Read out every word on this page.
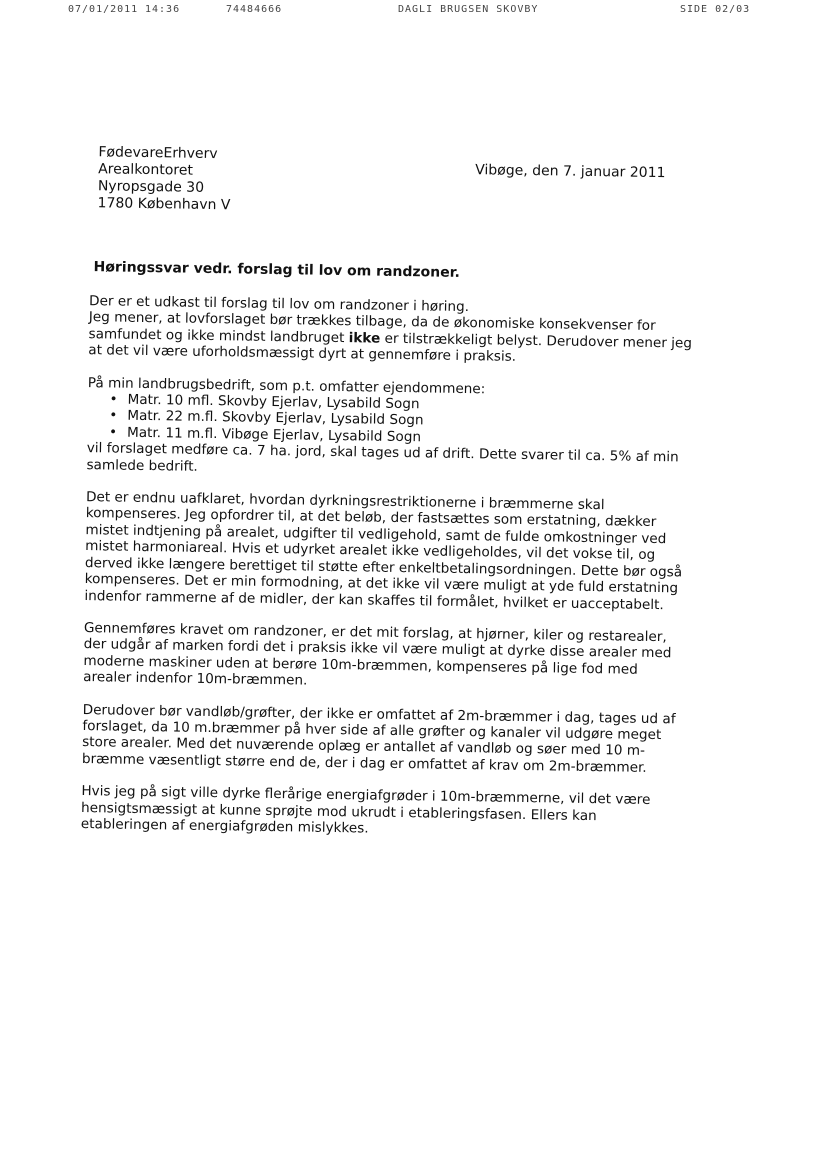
07/01/2011 14:36	74484666	DAGLI BRUGSEN SKOVBY	SIDE 02/03
FødevareErhverv
Arealkontoret
Nyropsgade 30
1780 København V
Vibøge, den 7. januar 2011
Høringssvar vedr. forslag til lov om randzoner.

Der er et udkast til forslag til lov om randzoner i høring.
Jeg mener, at lovforslaget bør trækkes tilbage, da de økonomiske konsekvenser for samfundet og ikke mindst landbruget ikke er tilstrækkeligt belyst. Derudover mener jeg at det vil være uforholdsmæssigt dyrt at gennemføre i praksis.

På min landbrugsbedrift, som p.t. omfatter ejendommene:
• Matr. 10 mfl. Skovby Ejerlav, Lysabild Sogn
• Matr. 22 m.fl. Skovby Ejerlav, Lysabild Sogn
• Matr. 11 m.fl. Vibøge Ejerlav, Lysabild Sogn
vil forslaget medføre ca. 7 ha. jord, skal tages ud af drift. Dette svarer til ca. 5% af min samlede bedrift.

Det er endnu uafklaret, hvordan dyrkningsrestriktionerne i bræmmerne skal kompenseres. Jeg opfordrer til, at det beløb, der fastsættes som erstatning, dækker mistet indtjening på arealet, udgifter til vedligehold, samt de fulde omkostninger ved mistet harmoniareal. Hvis et udyrket arealet ikke vedligeholdes, vil det vokse til, og derved ikke længere berettiget til støtte efter enkeltbetalingsordningen. Dette bør også kompenseres. Det er min formodning, at det ikke vil være muligt at yde fuld erstatning indenfor rammerne af de midler, der kan skaffes til formålet, hvilket er uacceptabelt.

Gennemføres kravet om randzoner, er det mit forslag, at hjørner, kiler og restarealer, der udgår af marken fordi det i praksis ikke vil være muligt at dyrke disse arealer med moderne maskiner uden at berøre 10m-bræmmen, kompenseres på lige fod med arealer indenfor 10m-bræmmen.

Derudover bør vandløb/grøfter, der ikke er omfattet af 2m-bræmmer i dag, tages ud af forslaget, da 10 m.bræmmer på hver side af alle grøfter og kanaler vil udgøre meget store arealer. Med det nuværende oplæg er antallet af vandløb og søer med 10 m-bræmme væsentligt større end de, der i dag er omfattet af krav om 2m-bræmmer.

Hvis jeg på sigt ville dyrke flerårige energiafgrøder i 10m-bræmmerne, vil det være hensigtsmæssigt at kunne sprøjte mod ukrudt i etableringsfasen. Ellers kan etableringen af energiafgrøden mislykkes.
